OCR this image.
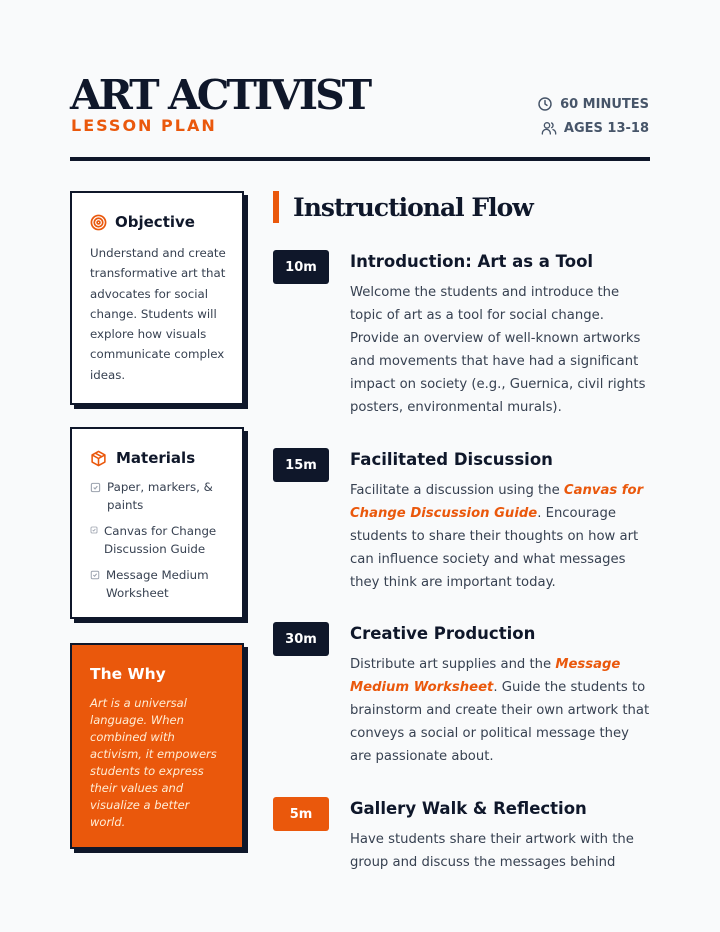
ART ACTIVIST
LESSON PLAN
60 MINUTES
AGES 13-18
Objective

Understand and create transformative art that advocates for social change. Students will explore how visuals communicate complex ideas.

Materials
Paper, markers, & paints
Canvas for Change Discussion Guide
Message Medium Worksheet
The Why

Art is a universal language. When combined with activism, it empowers students to express their values and visualize a better world.

Instructional Flow
10m	Introduction: Art as a Tool
Welcome the students and introduce the topic of art as a tool for social change. Provide an overview of well-known artworks and movements that have had a significant impact on society (e.g., Guernica, civil rights posters, environmental murals).
15m	Facilitated Discussion
Facilitate a discussion using the Canvas for Change Discussion Guide. Encourage students to share their thoughts on how art can influence society and what messages they think are important today.
30m	Creative Production
Distribute art supplies and the Message Medium Worksheet. Guide the students to brainstorm and create their own artwork that conveys a social or political message they are passionate about.
5m	Gallery Walk & Reflection
Have students share their artwork with the group and discuss the messages behind
